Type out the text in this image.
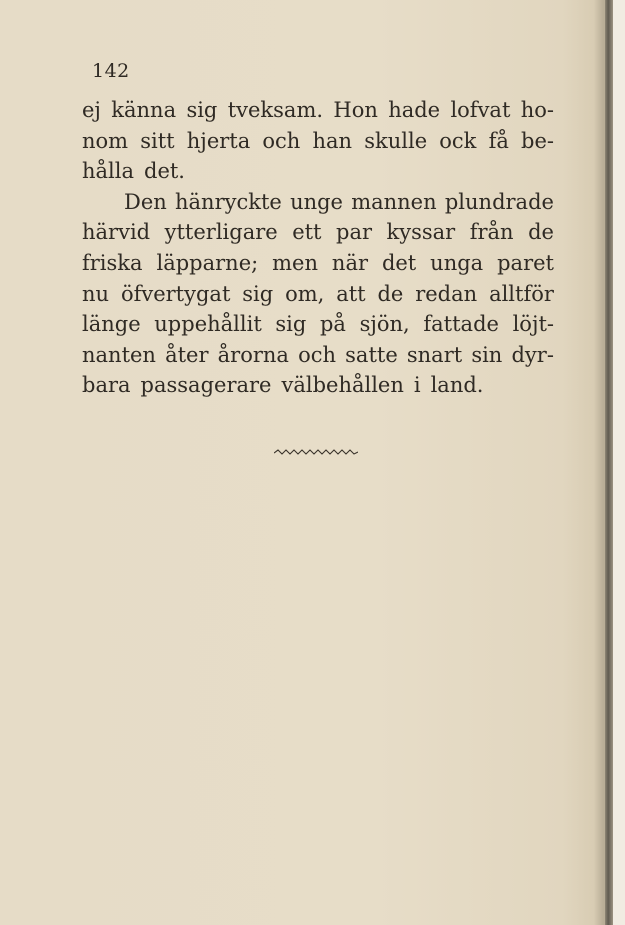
142
ej känna sig tveksam. Hon hade lofvat ho-
nom sitt hjerta och han skulle ock få be-
hålla det.
Den hänryckte unge mannen plundrade
härvid ytterligare ett par kyssar från de
friska läpparne; men när det unga paret
nu öfvertygat sig om, att de redan alltför
länge uppehållit sig på sjön, fattade löjt-
nanten åter årorna och satte snart sin dyr-
bara passagerare välbehållen i land.
